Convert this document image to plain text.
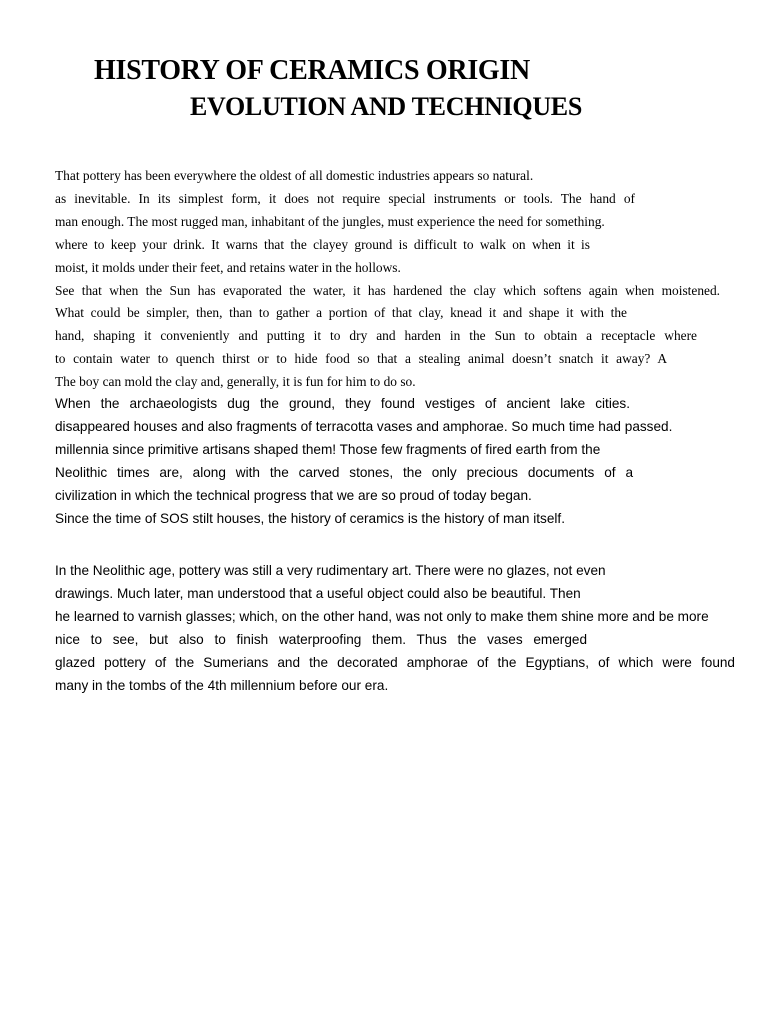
HISTORY OF CERAMICS ORIGIN
EVOLUTION AND TECHNIQUES
That pottery has been everywhere the oldest of all domestic industries appears so natural.
as inevitable. In its simplest form, it does not require special instruments or tools. The hand of
man enough. The most rugged man, inhabitant of the jungles, must experience the need for something.
where to keep your drink. It warns that the clayey ground is difficult to walk on when it is
moist, it molds under their feet, and retains water in the hollows.
See that when the Sun has evaporated the water, it has hardened the clay which softens again when moistened.
What could be simpler, then, than to gather a portion of that clay, knead it and shape it with the
hand, shaping it conveniently and putting it to dry and harden in the Sun to obtain a receptacle where
to contain water to quench thirst or to hide food so that a stealing animal doesn’t snatch it away? A
The boy can mold the clay and, generally, it is fun for him to do so.
When the archaeologists dug the ground, they found vestiges of ancient lake cities.
disappeared houses and also fragments of terracotta vases and amphorae. So much time had passed.
millennia since primitive artisans shaped them! Those few fragments of fired earth from the
Neolithic times are, along with the carved stones, the only precious documents of a
civilization in which the technical progress that we are so proud of today began.
Since the time of SOS stilt houses, the history of ceramics is the history of man itself.
In the Neolithic age, pottery was still a very rudimentary art. There were no glazes, not even
drawings. Much later, man understood that a useful object could also be beautiful. Then
he learned to varnish glasses; which, on the other hand, was not only to make them shine more and be more
nice to see, but also to finish waterproofing them. Thus the vases emerged
glazed pottery of the Sumerians and the decorated amphorae of the Egyptians, of which were found
many in the tombs of the 4th millennium before our era.
